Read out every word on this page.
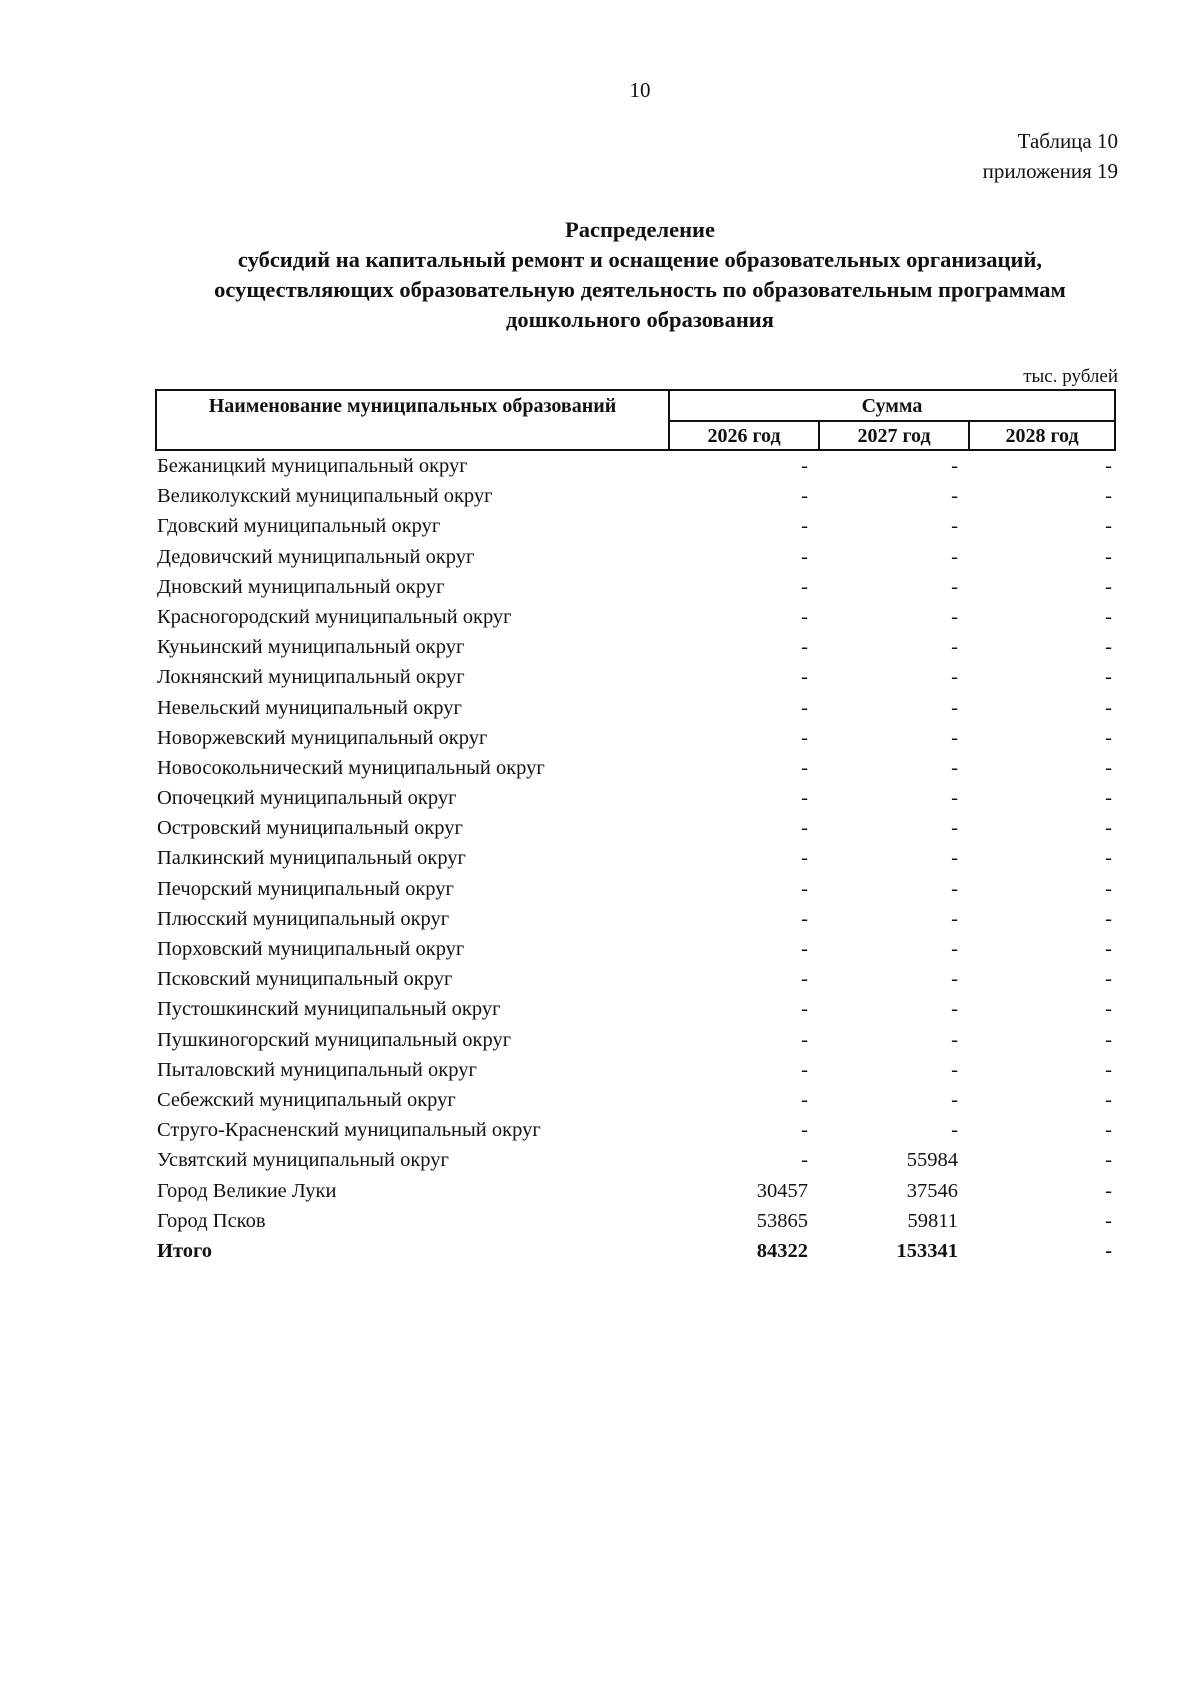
10
Таблица 10
приложения 19
Распределение
субсидий на капитальный ремонт и оснащение образовательных организаций,
осуществляющих образовательную деятельность по образовательным программам
дошкольного образования
тыс. рублей
Наименование муниципальных образований	Сумма
2026 год	2027 год	2028 год
Бежаницкий муниципальный округ	-	-	-
Великолукский муниципальный округ	-	-	-
Гдовский муниципальный округ	-	-	-
Дедовичский муниципальный округ	-	-	-
Дновский муниципальный округ	-	-	-
Красногородский муниципальный округ	-	-	-
Куньинский муниципальный округ	-	-	-
Локнянский муниципальный округ	-	-	-
Невельский муниципальный округ	-	-	-
Новоржевский муниципальный округ	-	-	-
Новосокольнический муниципальный округ	-	-	-
Опочецкий муниципальный округ	-	-	-
Островский муниципальный округ	-	-	-
Палкинский муниципальный округ	-	-	-
Печорский муниципальный округ	-	-	-
Плюсский муниципальный округ	-	-	-
Порховский муниципальный округ	-	-	-
Псковский муниципальный округ	-	-	-
Пустошкинский муниципальный округ	-	-	-
Пушкиногорский муниципальный округ	-	-	-
Пыталовский муниципальный округ	-	-	-
Себежский муниципальный округ	-	-	-
Струго-Красненский муниципальный округ	-	-	-
Усвятский муниципальный округ	-	55984	-
Город Великие Луки	30457	37546	-
Город Псков	53865	59811	-
Итого	84322	153341	-
